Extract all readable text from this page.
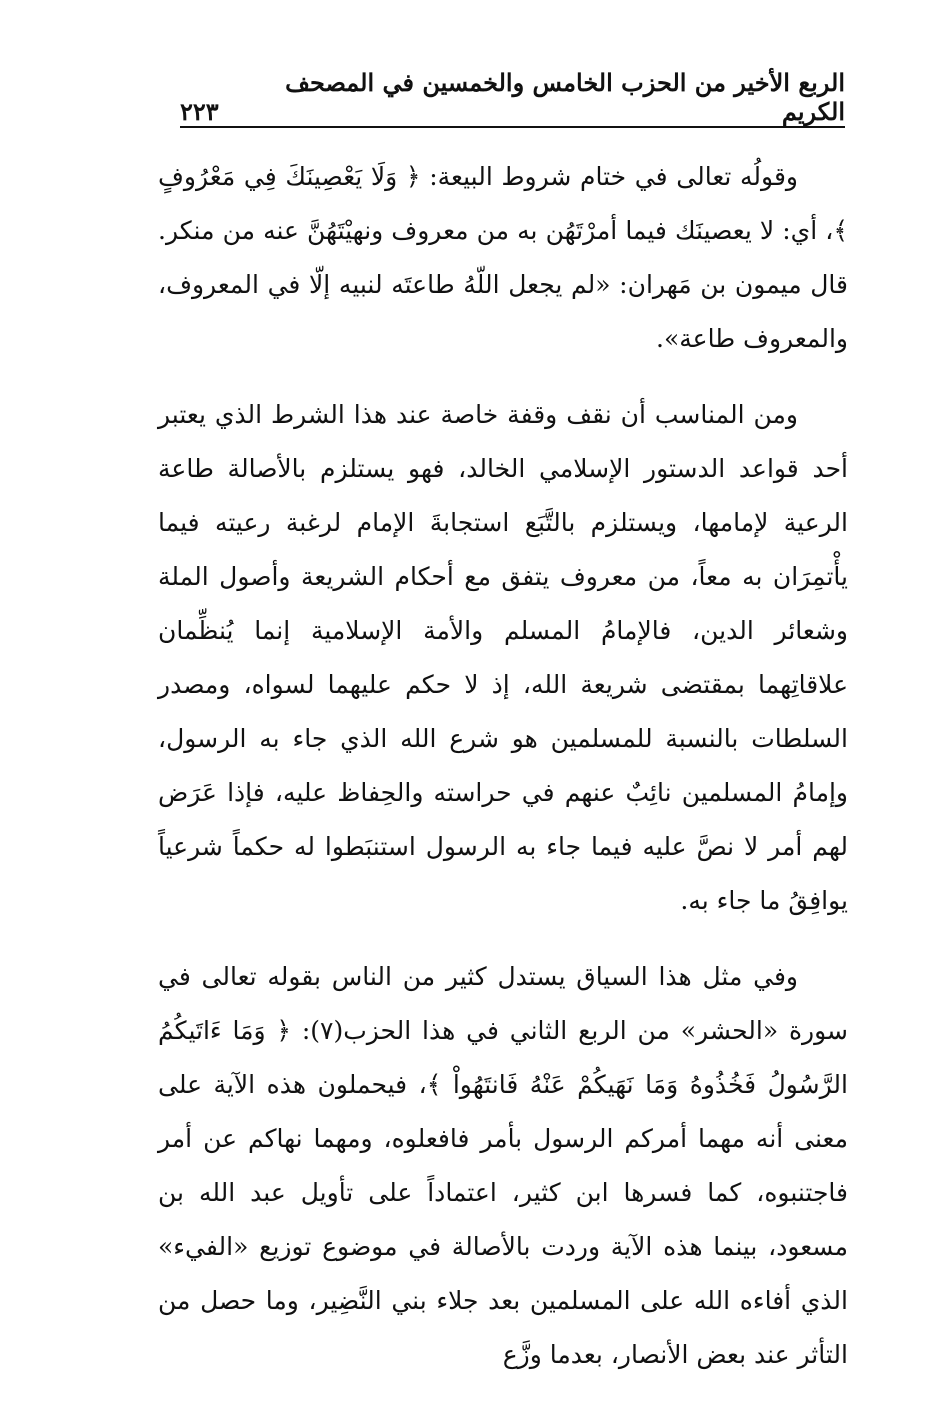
الربع الأخير من الحزب الخامس والخمسين في المصحف الكريم
٢٢٣

وقولُه تعالى في ختام شروط البيعة: ﴿ وَلَا يَعْصِينَكَ فِي مَعْرُوفٍ ﴾، أي: لا يعصينَك فيما أمرْتَهُن به من معروف ونهيْتَهُنَّ عنه من منكر. قال ميمون بن مَهران: «لم يجعل اللّهُ طاعتَه لنبيه إلّا في المعروف، والمعروف طاعة».

ومن المناسب أن نقف وقفة خاصة عند هذا الشرط الذي يعتبر أحد قواعد الدستور الإسلامي الخالد، فهو يستلزم بالأصالة طاعة الرعية لإمامها، ويستلزم بالتَّبَع استجابةَ الإمام لرغبة رعيته فيما يأْتمِرَان به معاً، من معروف يتفق مع أحكام الشريعة وأصول الملة وشعائر الدين، فالإمامُ المسلم والأمة الإسلامية إنما يُنظِّمان علاقاتِهما بمقتضى شريعة الله، إذ لا حكم عليهما لسواه، ومصدر السلطات بالنسبة للمسلمين هو شرع الله الذي جاء به الرسول، وإمامُ المسلمين نائِبٌ عنهم في حراسته والحِفاظ عليه، فإذا عَرَض لهم أمر لا نصَّ عليه فيما جاء به الرسول استنبَطوا له حكماً شرعياً يوافِقُ ما جاء به.

وفي مثل هذا السياق يستدل كثير من الناس بقوله تعالى في سورة «الحشر» من الربع الثاني في هذا الحزب(٧): ﴿ وَمَا ءَاتَيكُمُ الرَّسُولُ فَخُذُوهُ وَمَا نَهَيكُمْ عَنْهُ فَانتَهُواْ ﴾، فيحملون هذه الآية على معنى أنه مهما أمركم الرسول بأمر فافعلوه، ومهما نهاكم عن أمر فاجتنبوه، كما فسرها ابن كثير، اعتماداً على تأويل عبد الله بن مسعود، بينما هذه الآية وردت بالأصالة في موضوع توزيع «الفيء» الذي أفاءه الله على المسلمين بعد جلاء بني النَّضِير، وما حصل من التأثر عند بعض الأنصار، بعدما وزَّع
